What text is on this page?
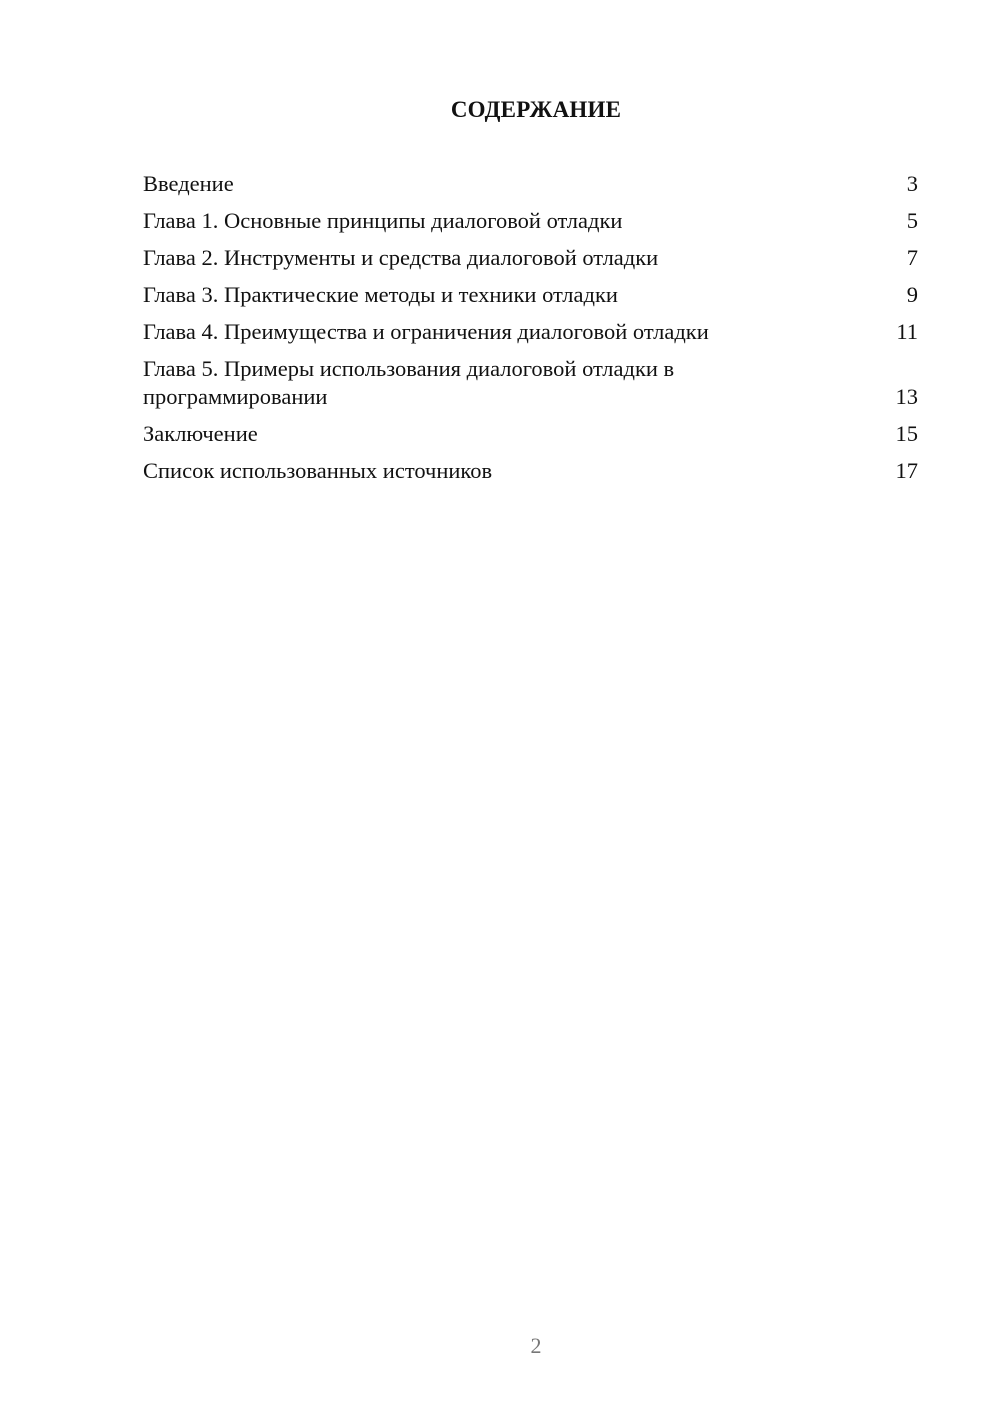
СОДЕРЖАНИЕ
Введение	3
Глава 1. Основные принципы диалоговой отладки	5
Глава 2. Инструменты и средства диалоговой отладки	7
Глава 3. Практические методы и техники отладки	9
Глава 4. Преимущества и ограничения диалоговой отладки	11
Глава 5. Примеры использования диалоговой отладки в программировании	13
Заключение	15
Список использованных источников	17
2
